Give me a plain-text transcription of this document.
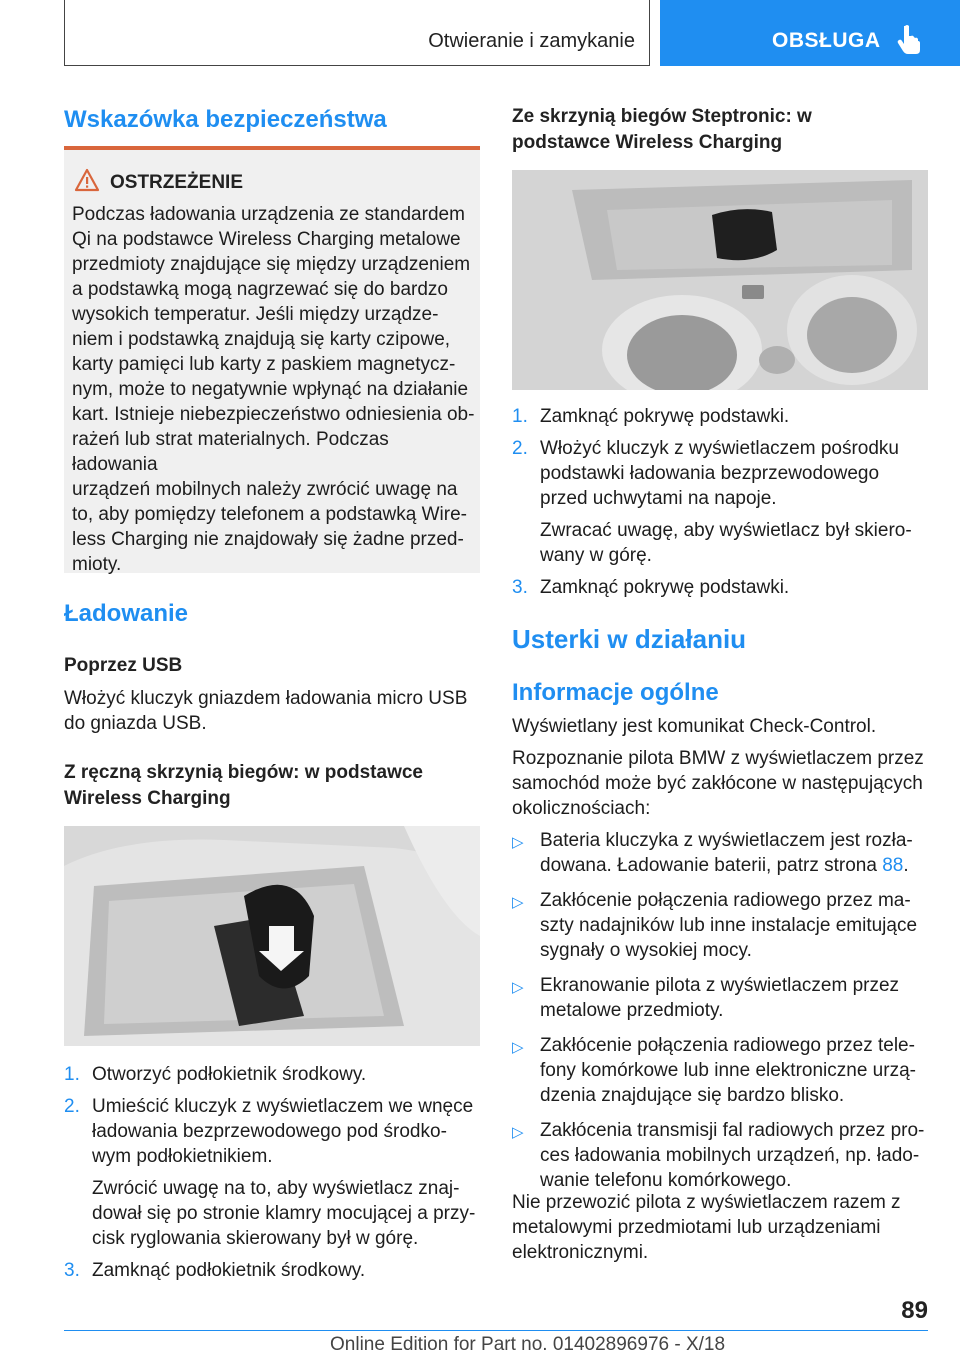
Otwieranie i zamykanie	OBSŁUGA
Wskazówka bezpieczeństwa
OSTRZEŻENIE
Podczas ładowania urządzenia ze standardem
Qi na podstawce Wireless Charging metalowe
przedmioty znajdujące się między urządzeniem
a podstawką mogą nagrzewać się do bardzo
wysokich temperatur. Jeśli między urządze-
niem i podstawką znajdują się karty czipowe,
karty pamięci lub karty z paskiem magnetycz-
nym, może to negatywnie wpłynąć na działanie
kart. Istnieje niebezpieczeństwo odniesienia ob-
rażeń lub strat materialnych. Podczas ładowania
urządzeń mobilnych należy zwrócić uwagę na
to, aby pomiędzy telefonem a podstawką Wire-
less Charging nie znajdowały się żadne przed-
mioty.
Ładowanie
Poprzez USB
Włożyć kluczyk gniazdem ładowania micro USB
do gniazda USB.
Z ręczną skrzynią biegów: w podstawce
Wireless Charging
1. Otworzyć podłokietnik środkowy.
2. Umieścić kluczyk z wyświetlaczem we wnęce
ładowania bezprzewodowego pod środko-
wym podłokietnikiem.
Zwrócić uwagę na to, aby wyświetlacz znaj-
dował się po stronie klamry mocującej a przy-
cisk ryglowania skierowany był w górę.
3. Zamknąć podłokietnik środkowy.
Ze skrzynią biegów Steptronic: w
podstawce Wireless Charging
1. Zamknąć pokrywę podstawki.
2. Włożyć kluczyk z wyświetlaczem pośrodku
podstawki ładowania bezprzewodowego
przed uchwytami na napoje.
Zwracać uwagę, aby wyświetlacz był skiero-
wany w górę.
3. Zamknąć pokrywę podstawki.
Usterki w działaniu
Informacje ogólne
Wyświetlany jest komunikat Check-Control.
Rozpoznanie pilota BMW z wyświetlaczem przez
samochód może być zakłócone w następujących
okolicznościach:
▷ Bateria kluczyka z wyświetlaczem jest rozła-
dowana. Ładowanie baterii, patrz strona 88.
▷ Zakłócenie połączenia radiowego przez ma-
szty nadajników lub inne instalacje emitujące
sygnały o wysokiej mocy.
▷ Ekranowanie pilota z wyświetlaczem przez
metalowe przedmioty.
▷ Zakłócenie połączenia radiowego przez tele-
fony komórkowe lub inne elektroniczne urzą-
dzenia znajdujące się bardzo blisko.
▷ Zakłócenia transmisji fal radiowych przez pro-
ces ładowania mobilnych urządzeń, np. łado-
wanie telefonu komórkowego.
Nie przewozić pilota z wyświetlaczem razem z
metalowymi przedmiotami lub urządzeniami
elektronicznymi.
89
Online Edition for Part no. 01402896976 - X/18
